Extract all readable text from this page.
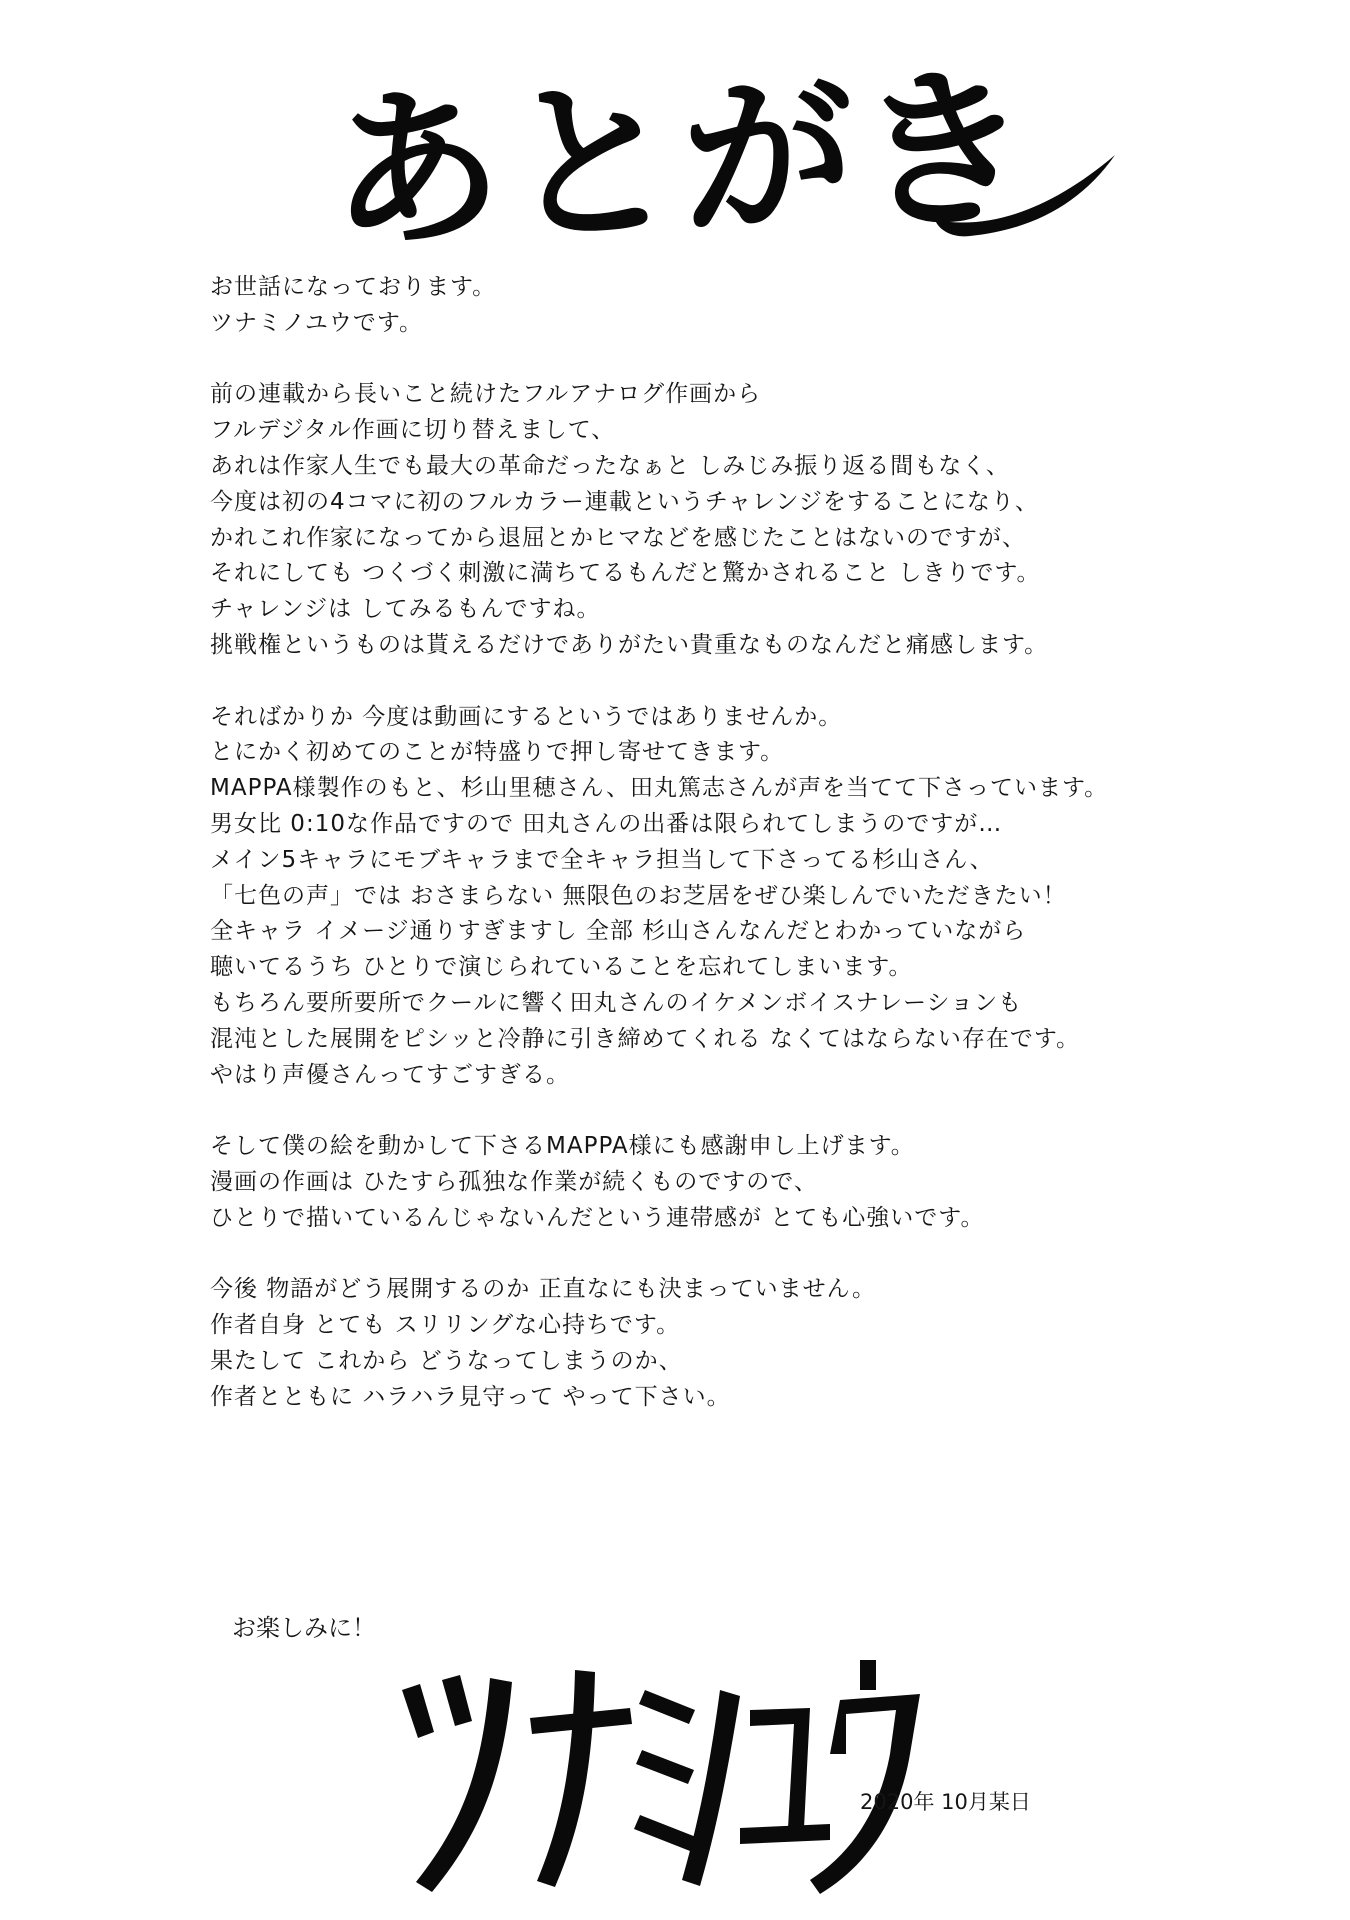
あとがき
お世話になっております。
ツナミノユウです。
前の連載から長いこと続けたフルアナログ作画から
フルデジタル作画に切り替えまして、
あれは作家人生でも最大の革命だったなぁと しみじみ振り返る間もなく、
今度は初の4コマに初のフルカラー連載というチャレンジをすることになり、
かれこれ作家になってから退屈とかヒマなどを感じたことはないのですが、
それにしても つくづく刺激に満ちてるもんだと驚かされること しきりです。
チャレンジは してみるもんですね。
挑戦権というものは貰えるだけでありがたい貴重なものなんだと痛感します。
そればかりか 今度は動画にするというではありませんか。
とにかく初めてのことが特盛りで押し寄せてきます。
MAPPA様製作のもと、杉山里穂さん、田丸篤志さんが声を当てて下さっています。
男女比 0:10な作品ですので 田丸さんの出番は限られてしまうのですが…
メイン5キャラにモブキャラまで全キャラ担当して下さってる杉山さん、
「七色の声」では おさまらない 無限色のお芝居をぜひ楽しんでいただきたい！
全キャラ イメージ通りすぎますし 全部 杉山さんなんだとわかっていながら
聴いてるうち ひとりで演じられていることを忘れてしまいます。
もちろん要所要所でクールに響く田丸さんのイケメンボイスナレーションも
混沌とした展開をピシッと冷静に引き締めてくれる なくてはならない存在です。
やはり声優さんってすごすぎる。
そして僕の絵を動かして下さるMAPPA様にも感謝申し上げます。
漫画の作画は ひたすら孤独な作業が続くものですので、
ひとりで描いているんじゃないんだという連帯感が とても心強いです。
今後 物語がどう展開するのか 正直なにも決まっていません。
作者自身 とても スリリングな心持ちです。
果たして これから どうなってしまうのか、
作者とともに ハラハラ見守って やって下さい。
お楽しみに！
2020年 10月某日
